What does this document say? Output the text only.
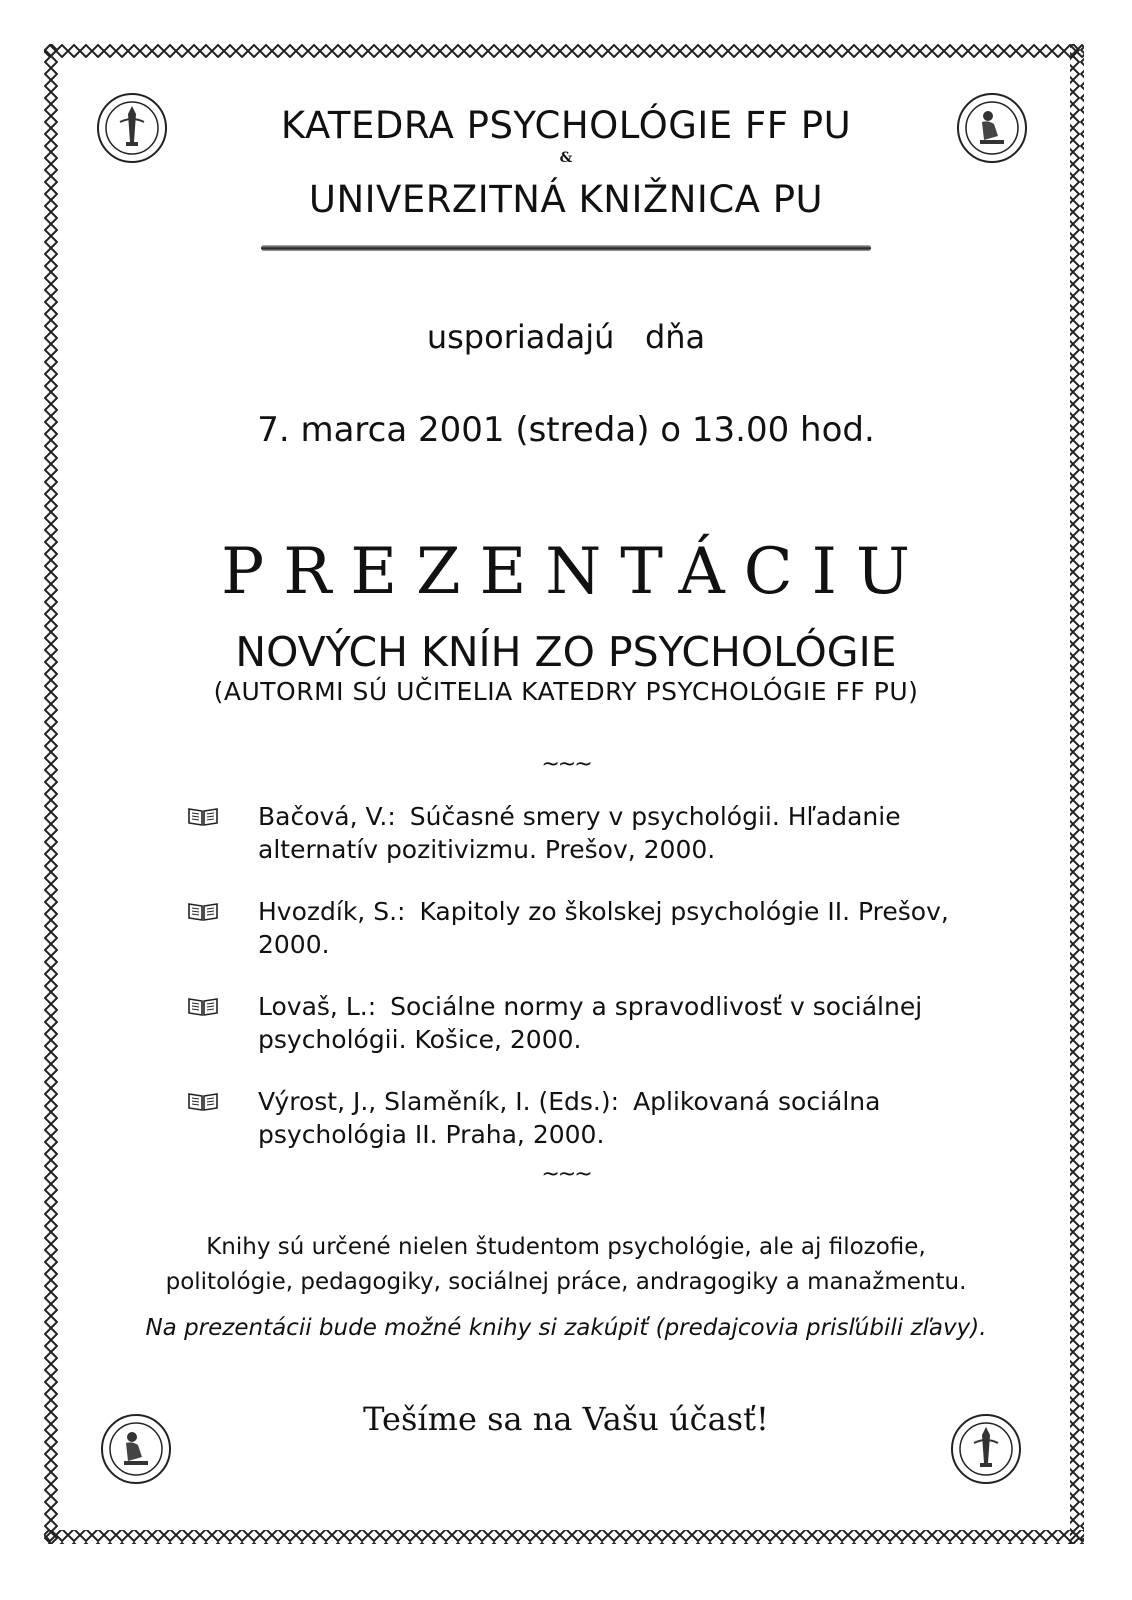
KATEDRA PSYCHOLÓGIE FF PU
&
UNIVERZITNÁ KNIŽNICA PU
usporiadajú   dňa
7. marca 2001 (streda) o 13.00 hod.
PREZENTÁCIU
NOVÝCH KNÍH ZO PSYCHOLÓGIE
(AUTORMI SÚ UČITELIA KATEDRY PSYCHOLÓGIE FF PU)
~~~
Bačová, V.: Súčasné smery v psychológii. Hľadanie alternatív pozitivizmu. Prešov, 2000.
Hvozdík, S.: Kapitoly zo školskej psychológie II. Prešov, 2000.
Lovaš, L.: Sociálne normy a spravodlivosť v sociálnej psychológii. Košice, 2000.
Výrost, J., Slaměník, I. (Eds.): Aplikovaná sociálna psychológia II. Praha, 2000.
~~~
Knihy sú určené nielen študentom psychológie, ale aj filozofie,
politológie, pedagogiky, sociálnej práce, andragogiky a manažmentu.
Na prezentácii bude možné knihy si zakúpiť (predajcovia prisľúbili zľavy).
Tešíme sa na Vašu účasť!
